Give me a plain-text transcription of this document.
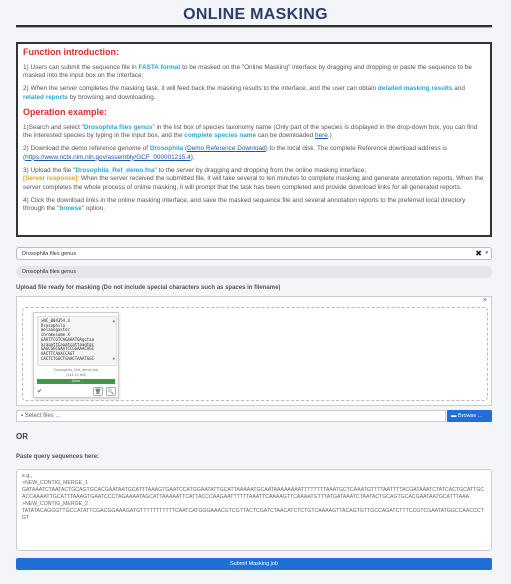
ONLINE MASKING
Function introduction:

1) Users can submit the sequence file in FASTA format to be masked on the "Online Masking" interface by dragging and dropping or paste the sequence to be masked into the input box on the interface;

2) When the server completes the masking task, it will feed back the masking results to the interface, and the user can obtain detailed masking results and related reports by browsing and downloading.

Operation example:

1)Search and select "Drosophila files genus" in the list box of species taxonomy name (Only part of the species is displayed in the drop-down box, you can find the interested species by typing in the input box, and the complete species name can be downloaded here.)

2) Download the demo reference genome of Drosophila (Demo Reference Download) to the local disk. The complete Reference download address is (https://www.ncbi.nlm.nih.gov/assembly/GCF_000001215.4);

3) Upload the file "Drosophila_Ref_demo.fna" to the server by dragging and dropping from the online masking interface;
[Server response]: When the server received the submitted file, it will take several to ten minutes to complete masking and generate annotation reports. When the server completes the whole process of online masking, it will prompt that the task has been completed and provide download links for all generated reports.

4) Click the download links in the online masking interface, and save the masked sequence file and several annotation reports to the preferred local directory through the "browse" option.

Drosophila files genus	✖ ▾
Drosophila files genus
Upload file ready for masking (Do not include special characters such as spaces in filename)
×
>NC_004354.4
Drosophila
melanogaster
chromosome X
GAATTCGTCAGAAATGAgctaa
acaaattCaaatcattaagtgc
GAGCGGCGAATCCGGAAACAGC
AACTTCAAACCAGT
CACTCTGGCTGAACTAAATGGC
▲

▼
Drosophila_Ref_demo.fna
(144.12 KB)
Done
✔	🗑	🔍
▪ Select files ...	▬ Browse ...
OR
Paste query sequences here:
e.g.,
>NEW_CONTIG_MERGE_1
GATAAATCTAATACTGCAGTGCACGAATAATGCATTTAAAGTGAATCCATGGAATATTGCATTAAAAATGCAATAAAAAAAATTTTTTTTAAATGCTCAAATGTTTTAATTTTACGATAAATCTATCACTGCATTGCACCAAAATTGCATTTAAAGTGAATCCCTAGAAAATAGCATTAAAAATTCATTACCCAAGAATTTTTTAAATTCAAAAGTTCAAAATGTTTATGATAAATCTAATACTGCAGTGCACGAATAATGCATTTAAA
>NEW_CONTIG_MERGE_2
TATATACAGGGTTGCCATATTCGACGGAAAGATGTTTTTTTTTTTCAATCATGGGAAACGTCGTTACTCGATCTAACATCTCTGTCAAAAGTTACAGTGTTGCCAGATCTTTCCGTCGAATATGGCCAACCCTGT
Submit Masking job
